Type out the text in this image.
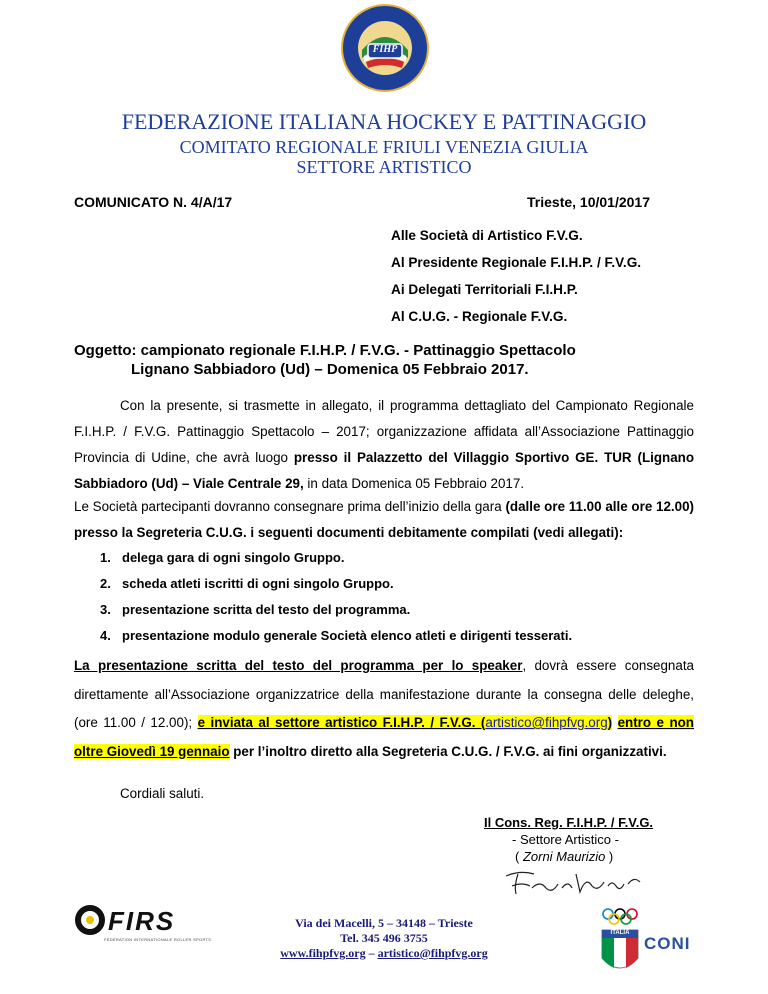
FIHP
FEDERAZIONE ITALIANA HOCKEY E PATTINAGGIO
COMITATO REGIONALE FRIULI VENEZIA GIULIA
SETTORE ARTISTICO
COMUNICATO N. 4/A/17	Trieste, 10/01/2017
Alle Società di Artistico F.V.G.
Al Presidente Regionale F.I.H.P. / F.V.G.
Ai Delegati Territoriali F.I.H.P.
Al C.U.G. - Regionale F.V.G.
Oggetto: campionato regionale F.I.H.P. / F.V.G. - Pattinaggio Spettacolo
Lignano Sabbiadoro (Ud) – Domenica 05 Febbraio 2017.
Con la presente, si trasmette in allegato, il programma dettagliato del Campionato Regionale F.I.H.P. / F.V.G. Pattinaggio Spettacolo – 2017; organizzazione affidata all’Associazione Pattinaggio Provincia di Udine, che avrà luogo presso il Palazzetto del Villaggio Sportivo GE. TUR (Lignano Sabbiadoro (Ud) – Viale Centrale 29, in data Domenica 05 Febbraio 2017.
Le Società partecipanti dovranno consegnare prima dell’inizio della gara (dalle ore 11.00 alle ore 12.00) presso la Segreteria C.U.G. i seguenti documenti debitamente compilati (vedi allegati):
1. delega gara di ogni singolo Gruppo.
2. scheda atleti iscritti di ogni singolo Gruppo.
3. presentazione scritta del testo del programma.
4. presentazione modulo generale Società elenco atleti e dirigenti tesserati.
La presentazione scritta del testo del programma per lo speaker, dovrà essere consegnata direttamente all’Associazione organizzatrice della manifestazione durante la consegna delle deleghe, (ore 11.00 / 12.00); e inviata al settore artistico F.I.H.P. / F.V.G. (artistico@fihpfvg.org) entro e non oltre Giovedì 19 gennaio per l’inoltro diretto alla Segreteria C.U.G. / F.V.G. ai fini organizzativi.
Cordiali saluti.
Il Cons. Reg. F.I.H.P. / F.V.G.
- Settore Artistico -
( Zorni Maurizio )
FIRS
FÉDÉRATION INTERNATIONALE ROLLER SPORTS
Via dei Macelli, 5 – 34148 – Trieste
Tel. 345 496 3755
www.fihpfvg.org – artistico@fihpfvg.org
ITALIA
CONI
